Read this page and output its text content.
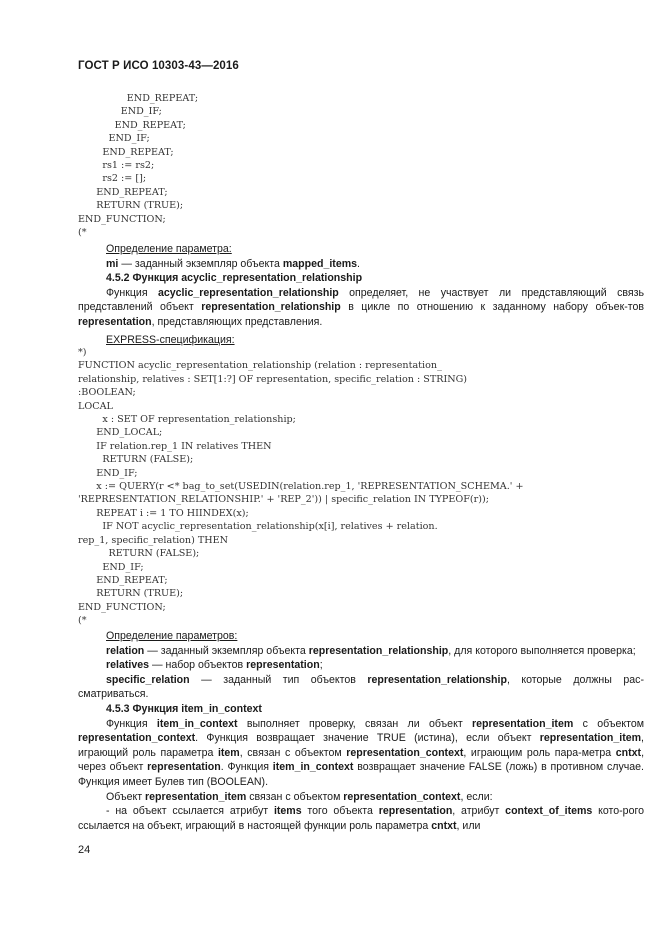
ГОСТ Р ИСО 10303-43—2016
END_REPEAT;
END_IF;
END_REPEAT;
END_IF;
END_REPEAT;
rs1 := rs2;
rs2 := [];
END_REPEAT;
RETURN (TRUE);
END_FUNCTION;
(*

Определение параметра:

mi — заданный экземпляр объекта mapped_items.

4.5.2 Функция acyclic_representation_relationship

Функция acyclic_representation_relationship определяет, не участвует ли представляющий связь представлений объект representation_relationship в цикле по отношению к заданному набору объек-тов representation, представляющих представления.

EXPRESS-спецификация:

*)
FUNCTION acyclic_representation_relationship (relation : representation_
relationship, relatives : SET[1:?] OF representation, specific_relation : STRING)
:BOOLEAN;
LOCAL
x : SET OF representation_relationship;
END_LOCAL;
IF relation.rep_1 IN relatives THEN
RETURN (FALSE);
END_IF;
x := QUERY(r <* bag_to_set(USEDIN(relation.rep_1, 'REPRESENTATION_SCHEMA.' +
'REPRESENTATION_RELATIONSHIP.' + 'REP_2')) | specific_relation IN TYPEOF(r));
REPEAT i := 1 TO HIINDEX(x);
IF NOT acyclic_representation_relationship(x[i], relatives + relation.
rep_1, specific_relation) THEN
RETURN (FALSE);
END_IF;
END_REPEAT;
RETURN (TRUE);
END_FUNCTION;
(*

Определение параметров:

relation — заданный экземпляр объекта representation_relationship, для которого выполняется проверка;

relatives — набор объектов representation;

specific_relation — заданный тип объектов representation_relationship, которые должны рас-сматриваться.

4.5.3 Функция item_in_context

Функция item_in_context выполняет проверку, связан ли объект representation_item с объектом representation_context. Функция возвращает значение TRUE (истина), если объект representation_item, играющий роль параметра item, связан с объектом representation_context, играющим роль пара-метра cntxt, через объект representation. Функция item_in_context возвращает значение FALSE (ложь) в противном случае. Функция имеет Булев тип (BOOLEAN).

Объект representation_item связан с объектом representation_context, если:

- на объект ссылается атрибут items того объекта representation, атрибут context_of_items кото-рого ссылается на объект, играющий в настоящей функции роль параметра cntxt, или

24
